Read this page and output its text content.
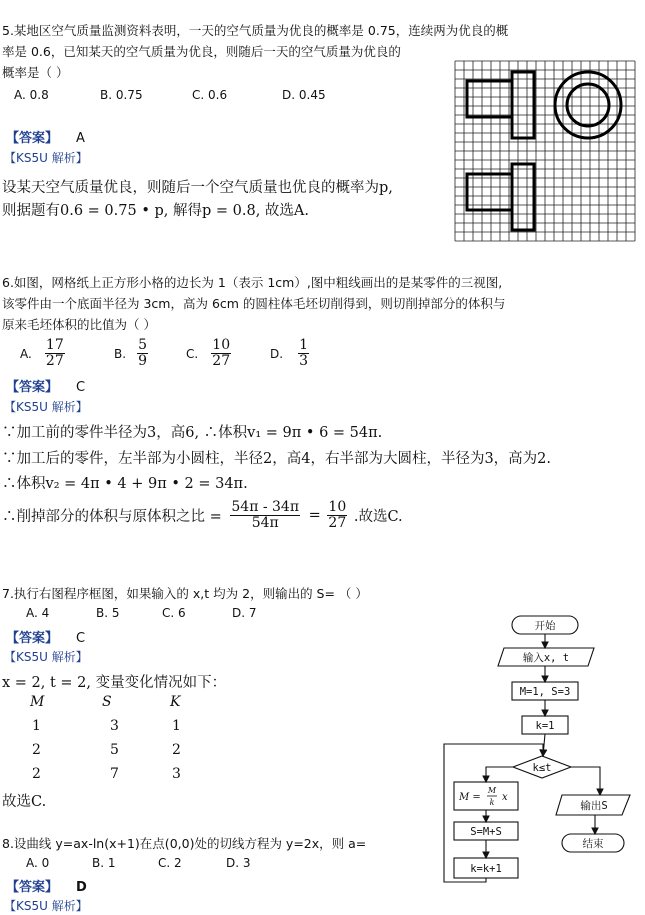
5.某地区空气质量监测资料表明，一天的空气质量为优良的概率是 0.75，连续两为优良的概
率是 0.6，已知某天的空气质量为优良，则随后一天的空气质量为优良的
概率是（ ）
A. 0.8	B. 0.75	C. 0.6	D. 0.45
【答案】 A
【KS5U 解析】
设某天空气质量优良，则随后一个空气质量也优良的概率为p,
则据题有0.6 = 0.75 • p, 解得p = 0.8, 故选A.
6.如图，网格纸上正方形小格的边长为 1（表示 1cm）,图中粗线画出的是某零件的三视图,
该零件由一个底面半径为 3cm，高为 6cm 的圆柱体毛坯切削得到，则切削掉部分的体积与
原来毛坯体积的比值为（ ）
A. $\frac{17}{27}$	B. $\frac{5}{9}$	C. $\frac{10}{27}$	D. $\frac{1}{3}$
【答案】 C
【KS5U 解析】
∵加工前的零件半径为3，高6, ∴体积v₁ = 9π • 6 = 54π.
∵加工后的零件，左半部为小圆柱，半径2，高4，右半部为大圆柱，半径为3，高为2.
∴体积v₂ = 4π • 4 + 9π • 2 = 34π.
∴削掉部分的体积与原体积之比 = $\frac{54\pi - 34\pi}{54\pi} = \frac{10}{27}$ .故选C.
7.执行右图程序框图，如果输入的 x,t 均为 2，则输出的 S= （ ）
A. 4	B. 5	C. 6	D. 7
【答案】 C
【KS5U 解析】
x = 2, t = 2, 变量变化情况如下：
M	S	K
1	3	1
2	5	2
2	7	3
故选C.
开始
输入x, t
M=1, S=3
k=1
k≤t
S=M+S
k=k+1
输出S
结束
M =
M
k x
8.设曲线 y=ax-ln(x+1)在点(0,0)处的切线方程为 y=2x，则 a=
A. 0	B. 1	C. 2	D. 3
【答案】 D
【KS5U 解析】
